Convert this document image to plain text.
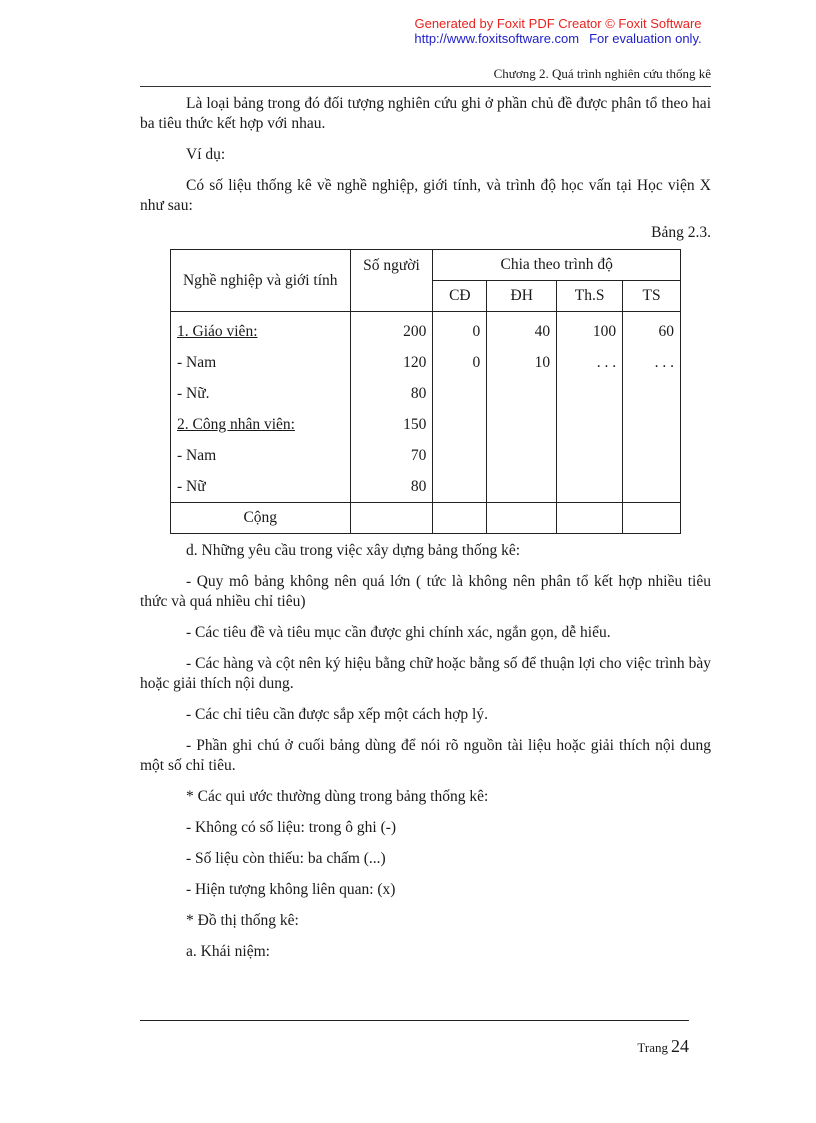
Generated by Foxit PDF Creator © Foxit Software
http://www.foxitsoftware.com For evaluation only.
Chương 2. Quá trình nghiên cứu thống kê

Là loại bảng trong đó đối tượng nghiên cứu ghi ở phần chủ đề được phân tổ theo hai ba tiêu thức kết hợp với nhau.

Ví dụ:

Có số liệu thống kê về nghề nghiệp, giới tính, và trình độ học vấn tại Học viện X như sau:

Bảng 2.3.
Nghề nghiệp và giới tính	Số người	Chia theo trình độ			
		CĐ	ĐH	Th.S	TS
1. Giáo viên:	200	0	40	100	60
- Nam	120	0	10	. . .	. . .
- Nữ.	80				
2. Công nhân viên:	150				
- Nam	70				
- Nữ	80				
Cộng					

d. Những yêu cầu trong việc xây dựng bảng thống kê:

- Quy mô bảng không nên quá lớn ( tức là không nên phân tổ kết hợp nhiều tiêu thức và quá nhiều chỉ tiêu)

- Các tiêu đề và tiêu mục cần được ghi chính xác, ngắn gọn, dễ hiểu.

- Các hàng và cột nên ký hiệu bằng chữ hoặc bằng số để thuận lợi cho việc trình bày hoặc giải thích nội dung.

- Các chỉ tiêu cần được sắp xếp một cách hợp lý.

- Phần ghi chú ở cuối bảng dùng để nói rõ nguồn tài liệu hoặc giải thích nội dung một số chỉ tiêu.

* Các qui ước thường dùng trong bảng thống kê:

- Không có số liệu: trong ô ghi (-)

- Số liệu còn thiếu: ba chấm (...)

- Hiện tượng không liên quan: (x)

* Đồ thị thống kê:

a. Khái niệm:

Trang 24
